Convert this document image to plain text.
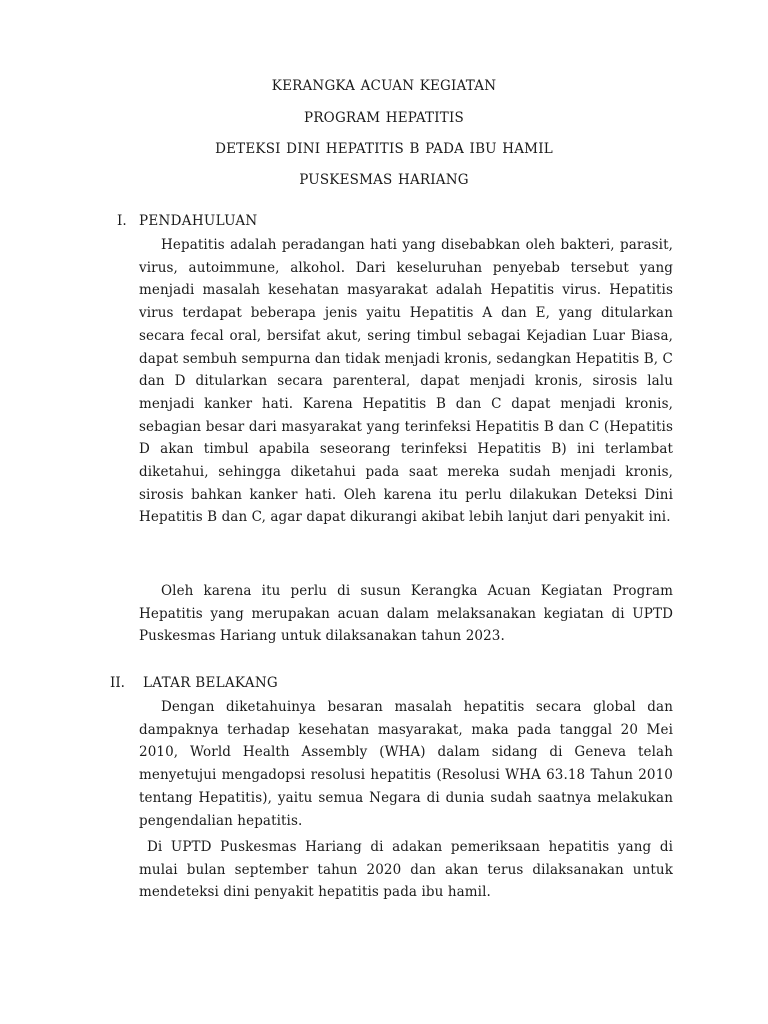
KERANGKA ACUAN KEGIATAN
PROGRAM HEPATITIS
DETEKSI DINI HEPATITIS B PADA IBU HAMIL
PUSKESMAS HARIANG
I. PENDAHULUAN

Hepatitis adalah peradangan hati yang disebabkan oleh bakteri, parasit, virus, autoimmune, alkohol. Dari keseluruhan penyebab tersebut yang menjadi masalah kesehatan masyarakat adalah Hepatitis virus. Hepatitis virus terdapat beberapa jenis yaitu Hepatitis A dan E, yang ditularkan secara fecal oral, bersifat akut, sering timbul sebagai Kejadian Luar Biasa, dapat sembuh sempurna dan tidak menjadi kronis, sedangkan Hepatitis B, C dan D ditularkan secara parenteral, dapat menjadi kronis, sirosis lalu menjadi kanker hati. Karena Hepatitis B dan C dapat menjadi kronis, sebagian besar dari masyarakat yang terinfeksi Hepatitis B dan C (Hepatitis D akan timbul apabila seseorang terinfeksi Hepatitis B) ini terlambat diketahui, sehingga diketahui pada saat mereka sudah menjadi kronis, sirosis bahkan kanker hati. Oleh karena itu perlu dilakukan Deteksi Dini Hepatitis B dan C, agar dapat dikurangi akibat lebih lanjut dari penyakit ini.

Oleh karena itu perlu di susun Kerangka Acuan Kegiatan Program Hepatitis yang merupakan acuan dalam melaksanakan kegiatan di UPTD Puskesmas Hariang untuk dilaksanakan tahun 2023.

II. LATAR BELAKANG

Dengan diketahuinya besaran masalah hepatitis secara global dan dampaknya terhadap kesehatan masyarakat, maka pada tanggal 20 Mei 2010, World Health Assembly (WHA) dalam sidang di Geneva telah menyetujui mengadopsi resolusi hepatitis (Resolusi WHA 63.18 Tahun 2010 tentang Hepatitis), yaitu semua Negara di dunia sudah saatnya melakukan pengendalian hepatitis.

Di UPTD Puskesmas Hariang di adakan pemeriksaan hepatitis yang di mulai bulan september tahun 2020 dan akan terus dilaksanakan untuk mendeteksi dini penyakit hepatitis pada ibu hamil.
